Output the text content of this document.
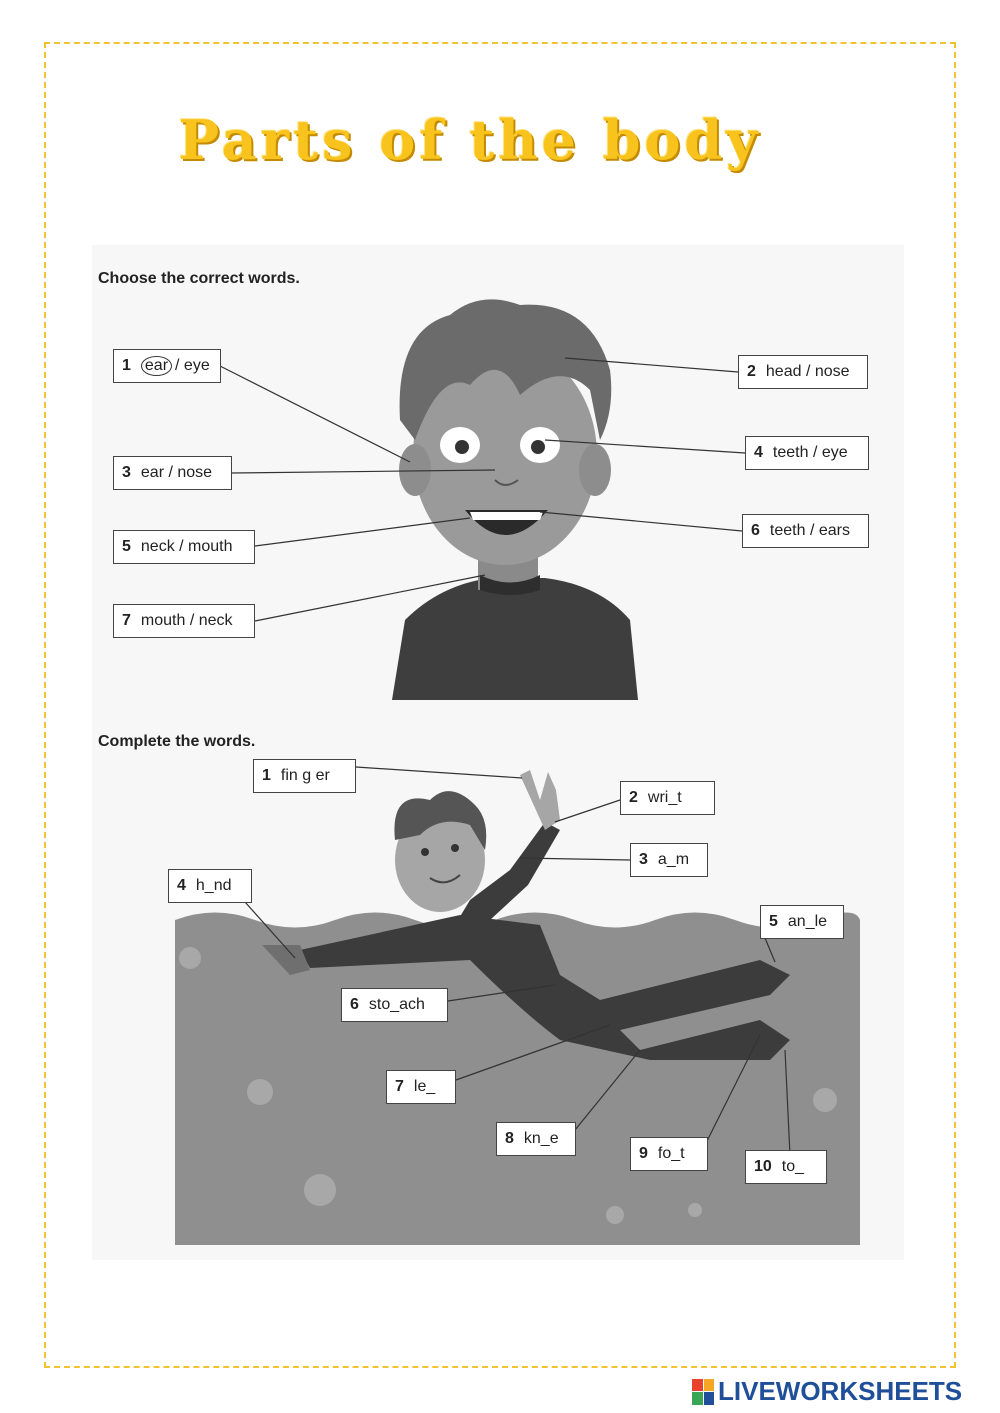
Parts of the body
Choose the correct words.
1 ear / eye	2 head / nose
3 ear / nose
4 teeth / eye
5 neck / mouth
6 teeth / ears
7 mouth / neck
Complete the words.
1 fin g er
2 wri_t
3 a_m
4 h_nd
5 an_le
6 sto_ach
7 le_
8 kn_e
9 fo_t
10 to_
LIVEWORKSHEETS
